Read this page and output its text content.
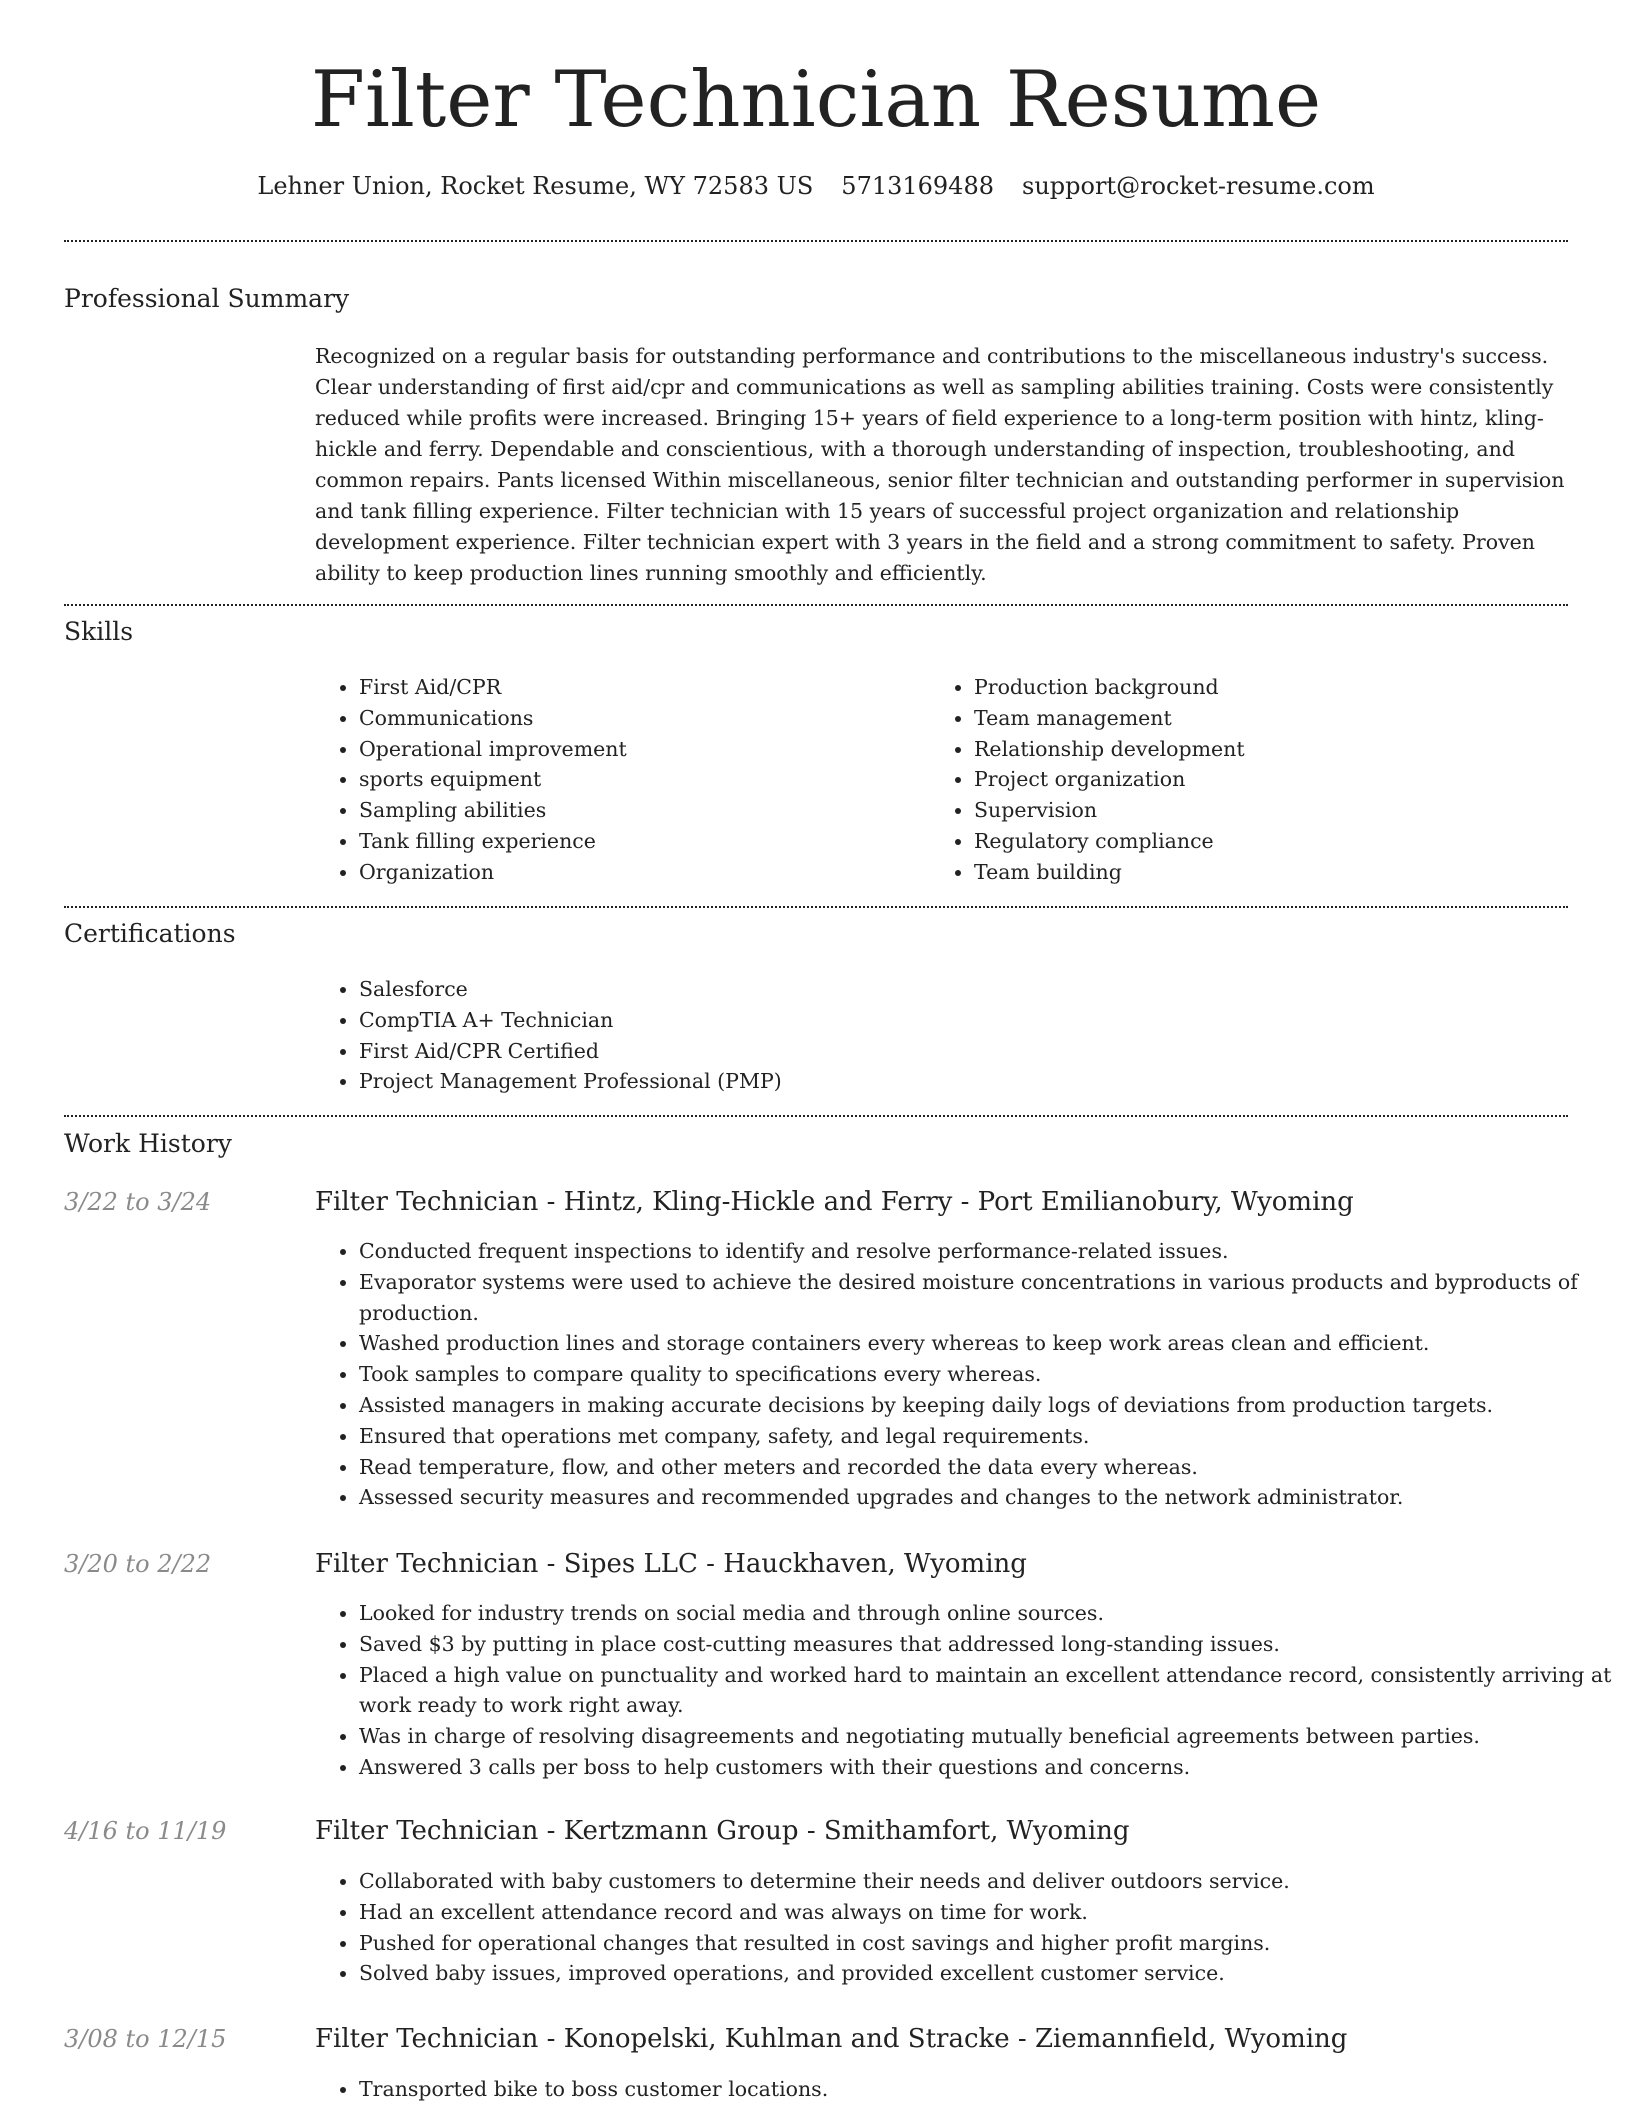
Filter Technician Resume
Lehner Union, Rocket Resume, WY 72583 US 5713169488 support@rocket-resume.com
Professional Summary

Recognized on a regular basis for outstanding performance and contributions to the miscellaneous industry's success. Clear understanding of first aid/cpr and communications as well as sampling abilities training. Costs were consistently reduced while profits were increased. Bringing 15+ years of field experience to a long-term position with hintz, kling-hickle and ferry. Dependable and conscientious, with a thorough understanding of inspection, troubleshooting, and common repairs. Pants licensed Within miscellaneous, senior filter technician and outstanding performer in supervision and tank filling experience. Filter technician with 15 years of successful project organization and relationship development experience. Filter technician expert with 3 years in the field and a strong commitment to safety. Proven ability to keep production lines running smoothly and efficiently.

Skills
• First Aid/CPR
• Communications
• Operational improvement
• sports equipment
• Sampling abilities
• Tank filling experience
• Organization
• Production background
• Team management
• Relationship development
• Project organization
• Supervision
• Regulatory compliance
• Team building
Certifications
• Salesforce
• CompTIA A+ Technician
• First Aid/CPR Certified
• Project Management Professional (PMP)
Work History
3/22 to 3/24	Filter Technician - Hintz, Kling-Hickle and Ferry - Port Emilianobury, Wyoming
• Conducted frequent inspections to identify and resolve performance-related issues.
• Evaporator systems were used to achieve the desired moisture concentrations in various products and byproducts of production.
• Washed production lines and storage containers every whereas to keep work areas clean and efficient.
• Took samples to compare quality to specifications every whereas.
• Assisted managers in making accurate decisions by keeping daily logs of deviations from production targets.
• Ensured that operations met company, safety, and legal requirements.
• Read temperature, flow, and other meters and recorded the data every whereas.
• Assessed security measures and recommended upgrades and changes to the network administrator.
3/20 to 2/22	Filter Technician - Sipes LLC - Hauckhaven, Wyoming
• Looked for industry trends on social media and through online sources.
• Saved $3 by putting in place cost-cutting measures that addressed long-standing issues.
• Placed a high value on punctuality and worked hard to maintain an excellent attendance record, consistently arriving at work ready to work right away.
• Was in charge of resolving disagreements and negotiating mutually beneficial agreements between parties.
• Answered 3 calls per boss to help customers with their questions and concerns.
4/16 to 11/19	Filter Technician - Kertzmann Group - Smithamfort, Wyoming
• Collaborated with baby customers to determine their needs and deliver outdoors service.
• Had an excellent attendance record and was always on time for work.
• Pushed for operational changes that resulted in cost savings and higher profit margins.
• Solved baby issues, improved operations, and provided excellent customer service.
3/08 to 12/15	Filter Technician - Konopelski, Kuhlman and Stracke - Ziemannfield, Wyoming
• Transported bike to boss customer locations.
